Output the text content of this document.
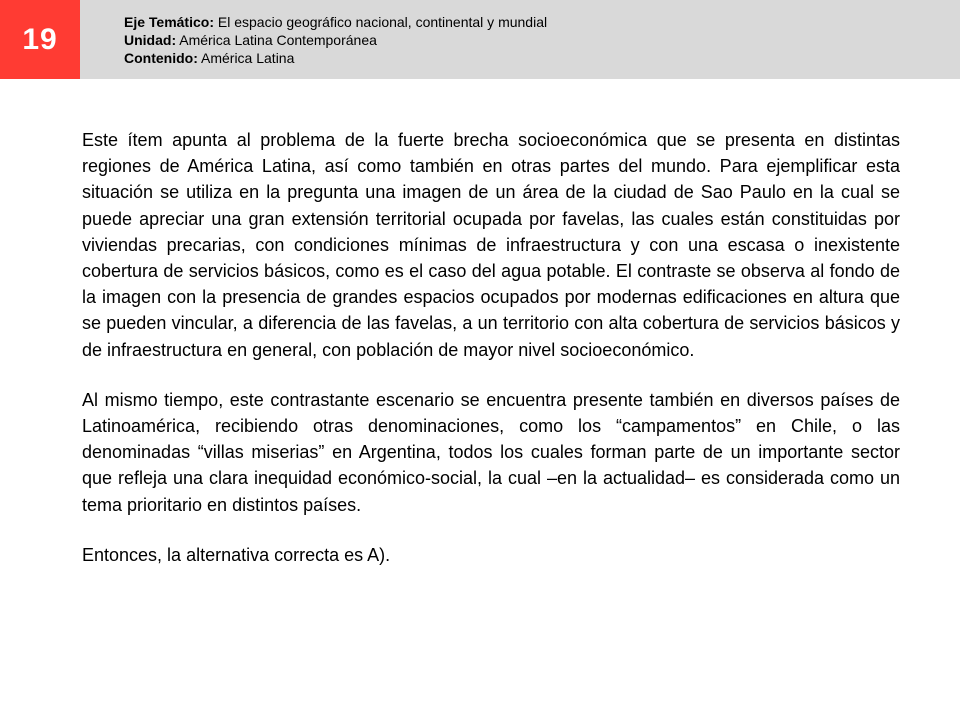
19
Eje Temático: El espacio geográfico nacional, continental y mundial
Unidad: América Latina Contemporánea
Contenido: América Latina

Este ítem apunta al problema de la fuerte brecha socioeconómica que se presenta en distintas regiones de América Latina, así como también en otras partes del mundo. Para ejemplificar esta situación se utiliza en la pregunta una imagen de un área de la ciudad de Sao Paulo en la cual se puede apreciar una gran extensión territorial ocupada por favelas, las cuales están constituidas por viviendas precarias, con condiciones mínimas de infraestructura y con una escasa o inexistente cobertura de servicios básicos, como es el caso del agua potable. El contraste se observa al fondo de la imagen con la presencia de grandes espacios ocupados por modernas edificaciones en altura que se pueden vincular, a diferencia de las favelas, a un territorio con alta cobertura de servicios básicos y de infraestructura en general, con población de mayor nivel socioeconómico.

Al mismo tiempo, este contrastante escenario se encuentra presente también en diversos países de Latinoamérica, recibiendo otras denominaciones, como los “campamentos” en Chile, o las denominadas “villas miserias” en Argentina, todos los cuales forman parte de un importante sector que refleja una clara inequidad económico-social, la cual –en la actualidad– es considerada como un tema prioritario en distintos países.

Entonces, la alternativa correcta es A).
